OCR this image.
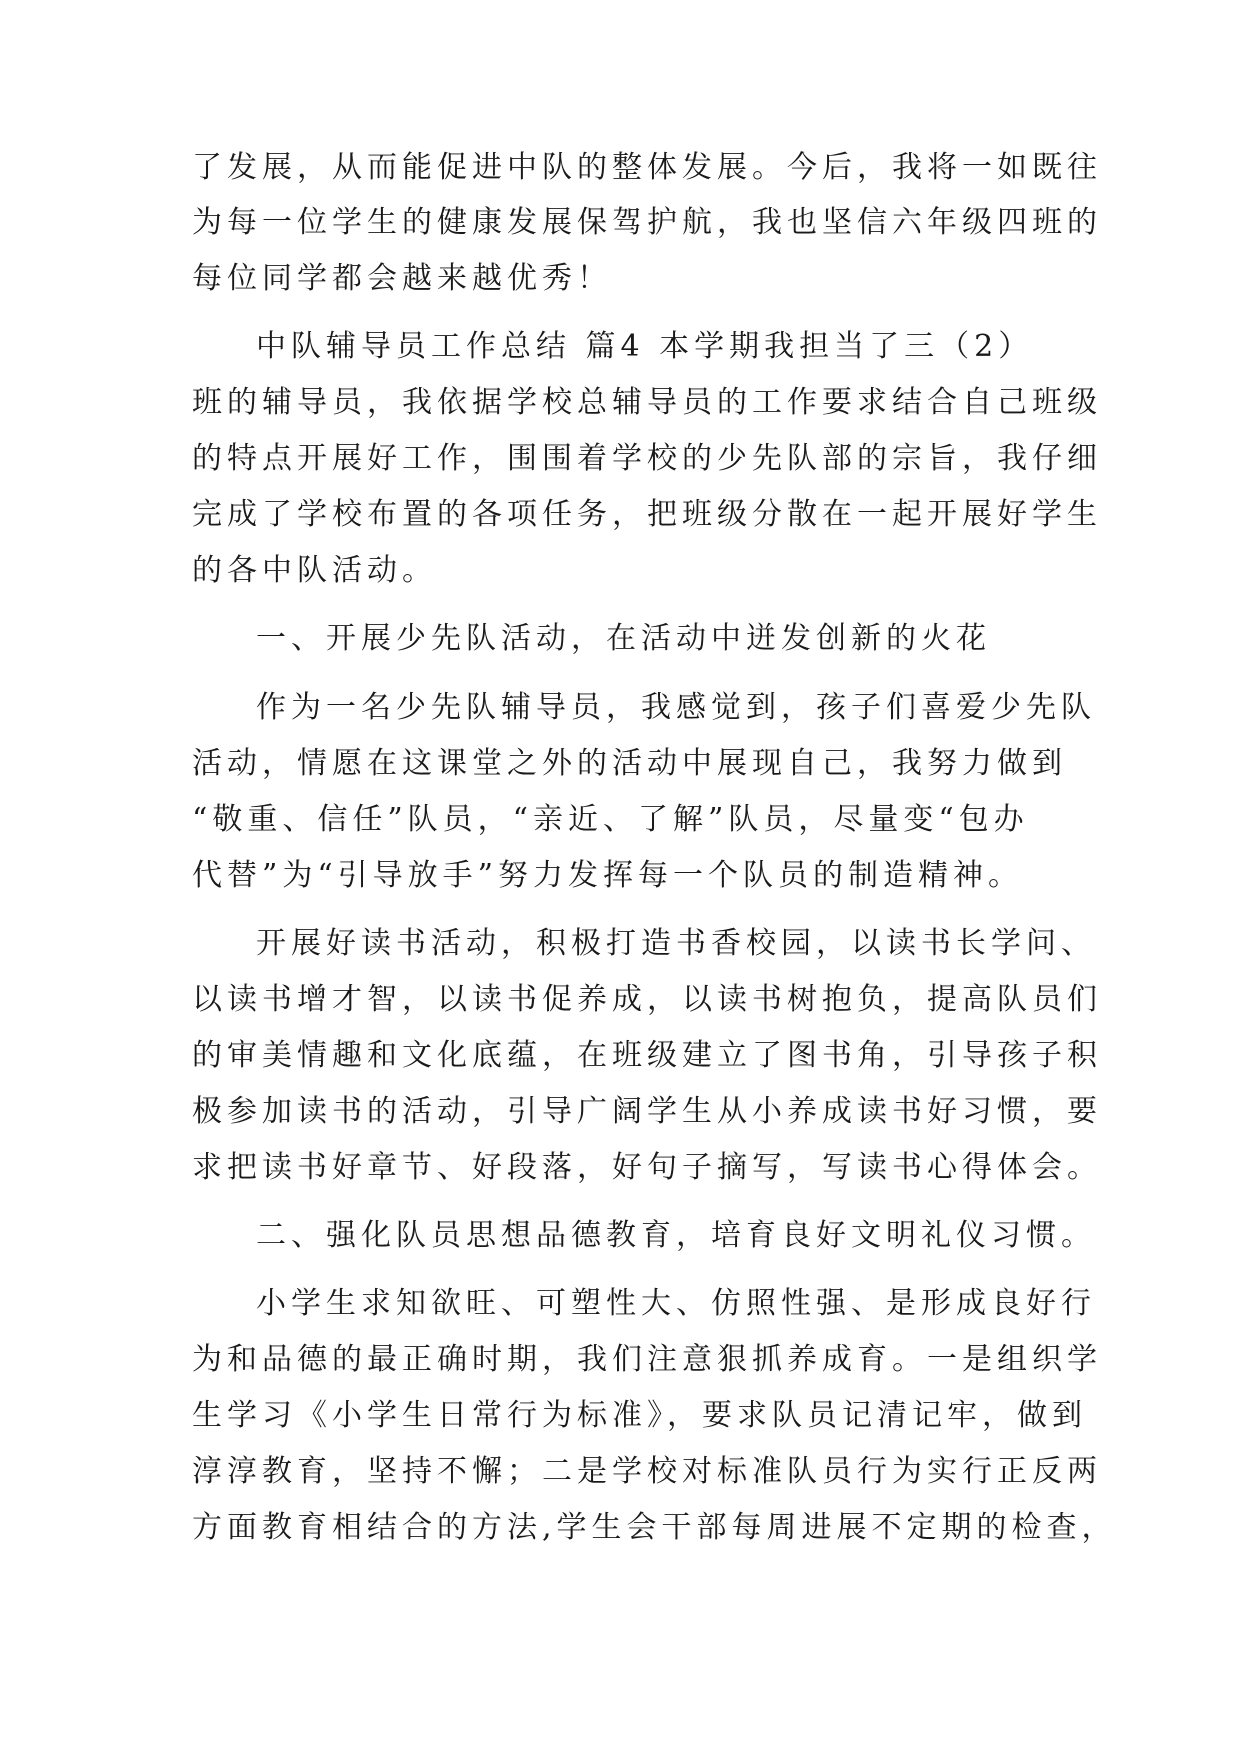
了发展，从而能促进中队的整体发展。今后，我将一如既往
为每一位学生的健康发展保驾护航，我也坚信六年级四班的
每位同学都会越来越优秀！
中队辅导员工作总结 篇4 本学期我担当了三（2）
班的辅导员，我依据学校总辅导员的工作要求结合自己班级
的特点开展好工作，围围着学校的少先队部的宗旨，我仔细
完成了学校布置的各项任务，把班级分散在一起开展好学生
的各中队活动。
一、开展少先队活动，在活动中迸发创新的火花
作为一名少先队辅导员，我感觉到，孩子们喜爱少先队
活动，情愿在这课堂之外的活动中展现自己，我努力做到
“敬重、信任”队员，“亲近、了解”队员，尽量变“包办
代替”为“引导放手”努力发挥每一个队员的制造精神。
开展好读书活动，积极打造书香校园，以读书长学问、
以读书增才智，以读书促养成，以读书树抱负，提高队员们
的审美情趣和文化底蕴，在班级建立了图书角，引导孩子积
极参加读书的活动，引导广阔学生从小养成读书好习惯，要
求把读书好章节、好段落，好句子摘写，写读书心得体会。
二、强化队员思想品德教育，培育良好文明礼仪习惯。
小学生求知欲旺、可塑性大、仿照性强、是形成良好行
为和品德的最正确时期，我们注意狠抓养成育。一是组织学
生学习《小学生日常行为标准》，要求队员记清记牢，做到
淳淳教育，坚持不懈；二是学校对标准队员行为实行正反两
方面教育相结合的方法,学生会干部每周进展不定期的检查，
